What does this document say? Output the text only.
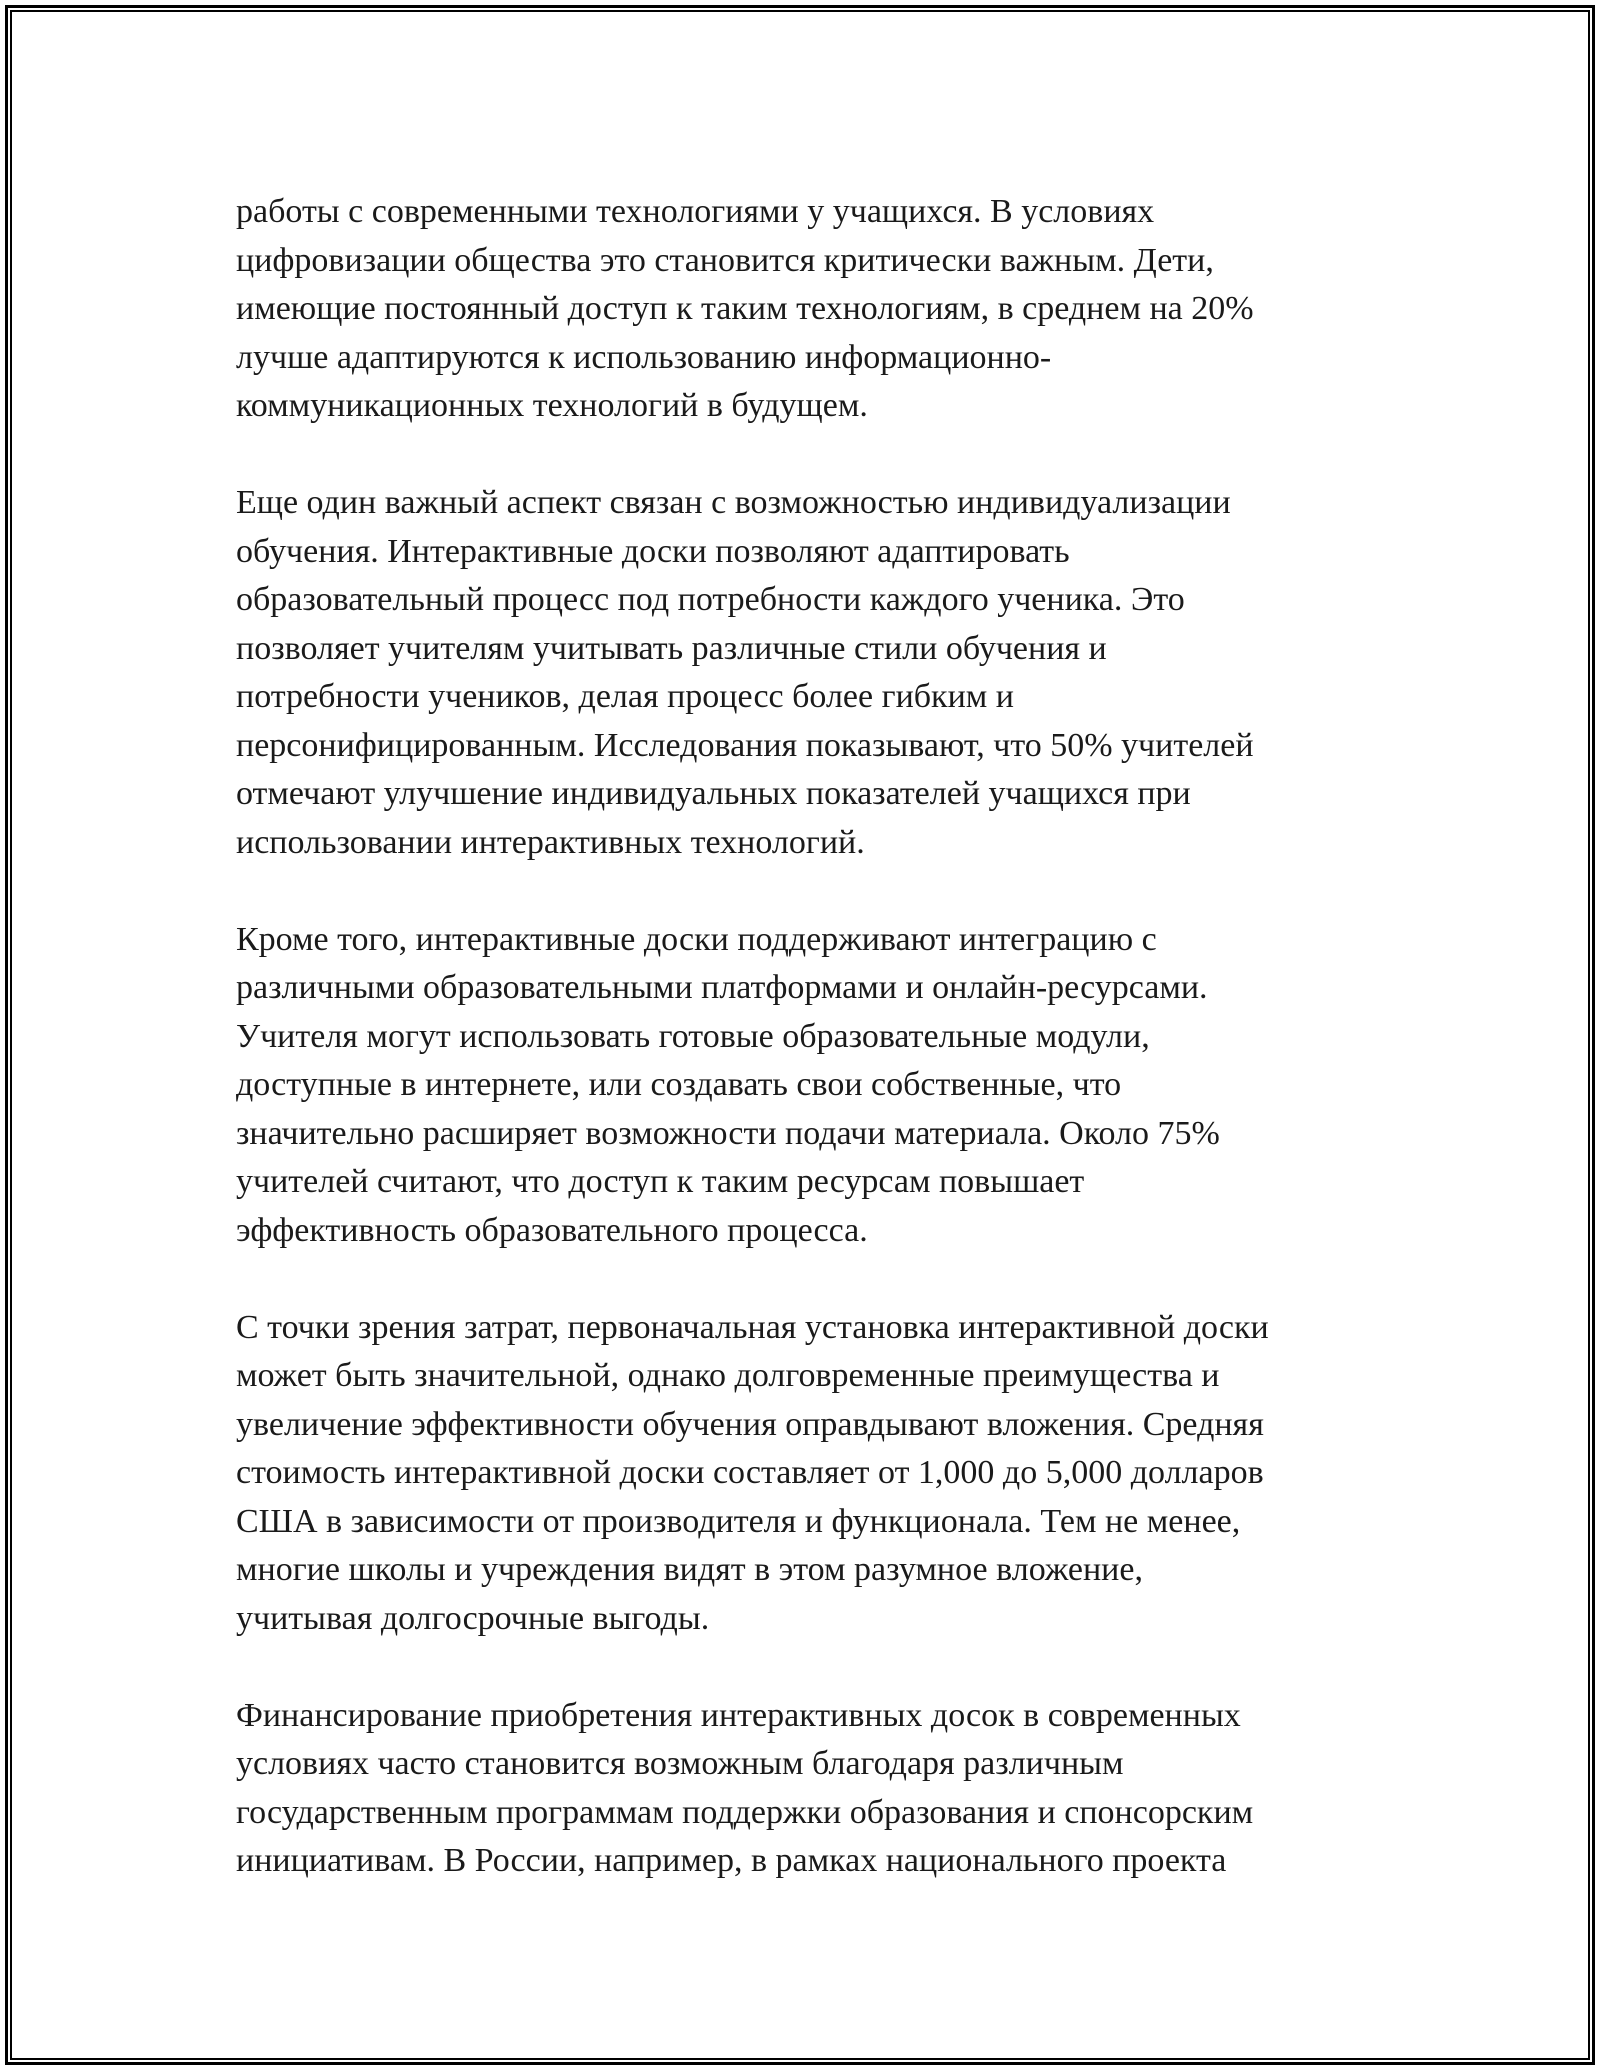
работы с современными технологиями у учащихся. В условиях
цифровизации общества это становится критически важным. Дети,
имеющие постоянный доступ к таким технологиям, в среднем на 20%
лучше адаптируются к использованию информационно-
коммуникационных технологий в будущем.

Еще один важный аспект связан с возможностью индивидуализации
обучения. Интерактивные доски позволяют адаптировать
образовательный процесс под потребности каждого ученика. Это
позволяет учителям учитывать различные стили обучения и
потребности учеников, делая процесс более гибким и
персонифицированным. Исследования показывают, что 50% учителей
отмечают улучшение индивидуальных показателей учащихся при
использовании интерактивных технологий.

Кроме того, интерактивные доски поддерживают интеграцию с
различными образовательными платформами и онлайн-ресурсами.
Учителя могут использовать готовые образовательные модули,
доступные в интернете, или создавать свои собственные, что
значительно расширяет возможности подачи материала. Около 75%
учителей считают, что доступ к таким ресурсам повышает
эффективность образовательного процесса.

С точки зрения затрат, первоначальная установка интерактивной доски
может быть значительной, однако долговременные преимущества и
увеличение эффективности обучения оправдывают вложения. Средняя
стоимость интерактивной доски составляет от 1,000 до 5,000 долларов
США в зависимости от производителя и функционала. Тем не менее,
многие школы и учреждения видят в этом разумное вложение,
учитывая долгосрочные выгоды.

Финансирование приобретения интерактивных досок в современных
условиях часто становится возможным благодаря различным
государственным программам поддержки образования и спонсорским
инициативам. В России, например, в рамках национального проекта
